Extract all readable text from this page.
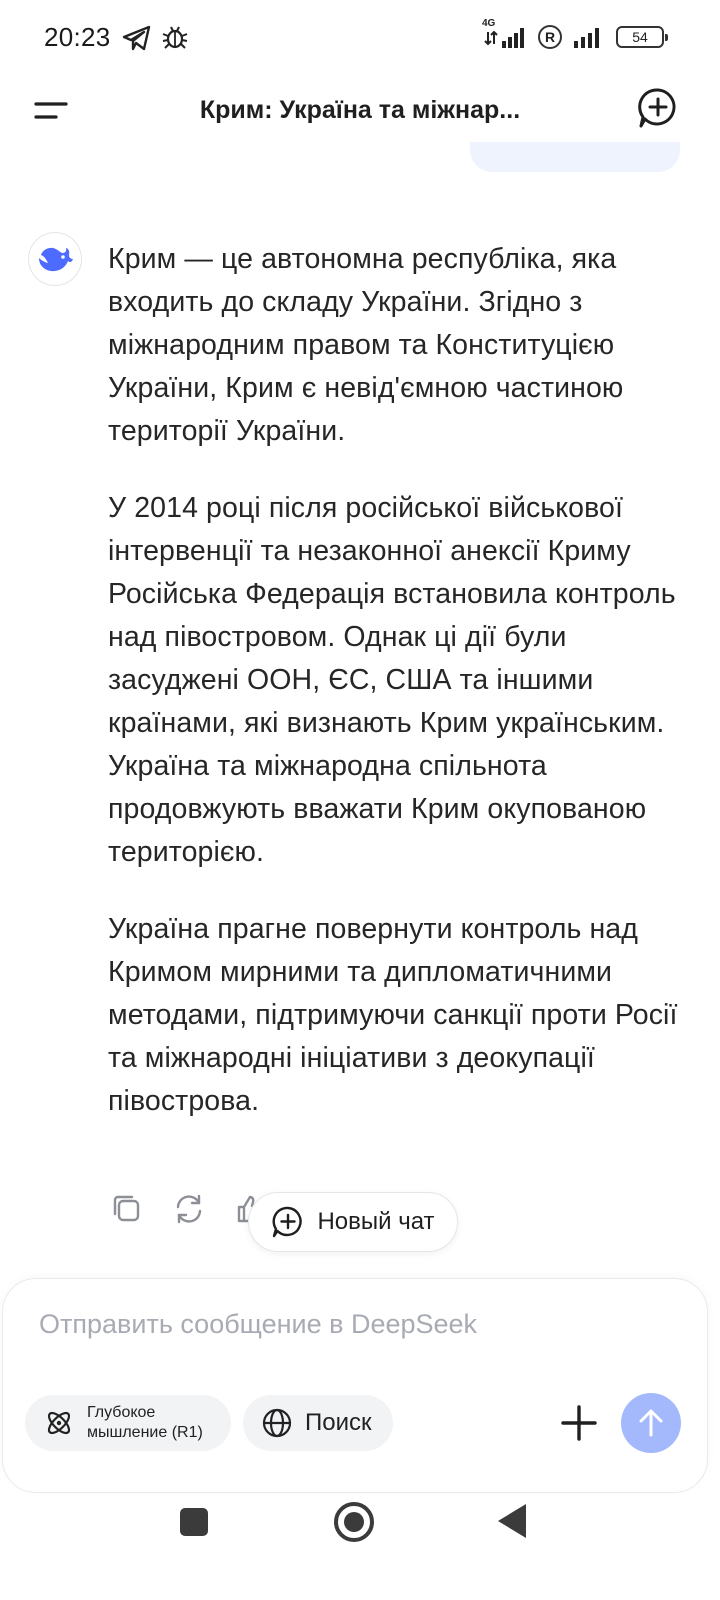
20:23	4G
R	54
Крим: Україна та міжнар...

Крим — це автономна республіка, яка входить до складу України. Згідно з міжнародним правом та Конституцією України, Крим є невід'ємною частиною території України.

У 2014 році після російської військової інтервенції та незаконної анексії Криму Російська Федерація встановила контроль над півостровом. Однак ці дії були засуджені ООН, ЄС, США та іншими країнами, які визнають Крим українським. Україна та міжнародна спільнота продовжують вважати Крим окупованою територією.

Україна прагне повернути контроль над Кримом мирними та дипломатичними методами, підтримуючи санкції проти Росії та міжнародні ініціативи з деокупації півострова.

Новый чат
Отправить сообщение в DeepSeek
Глубокое
мышление (R1)	Поиск
